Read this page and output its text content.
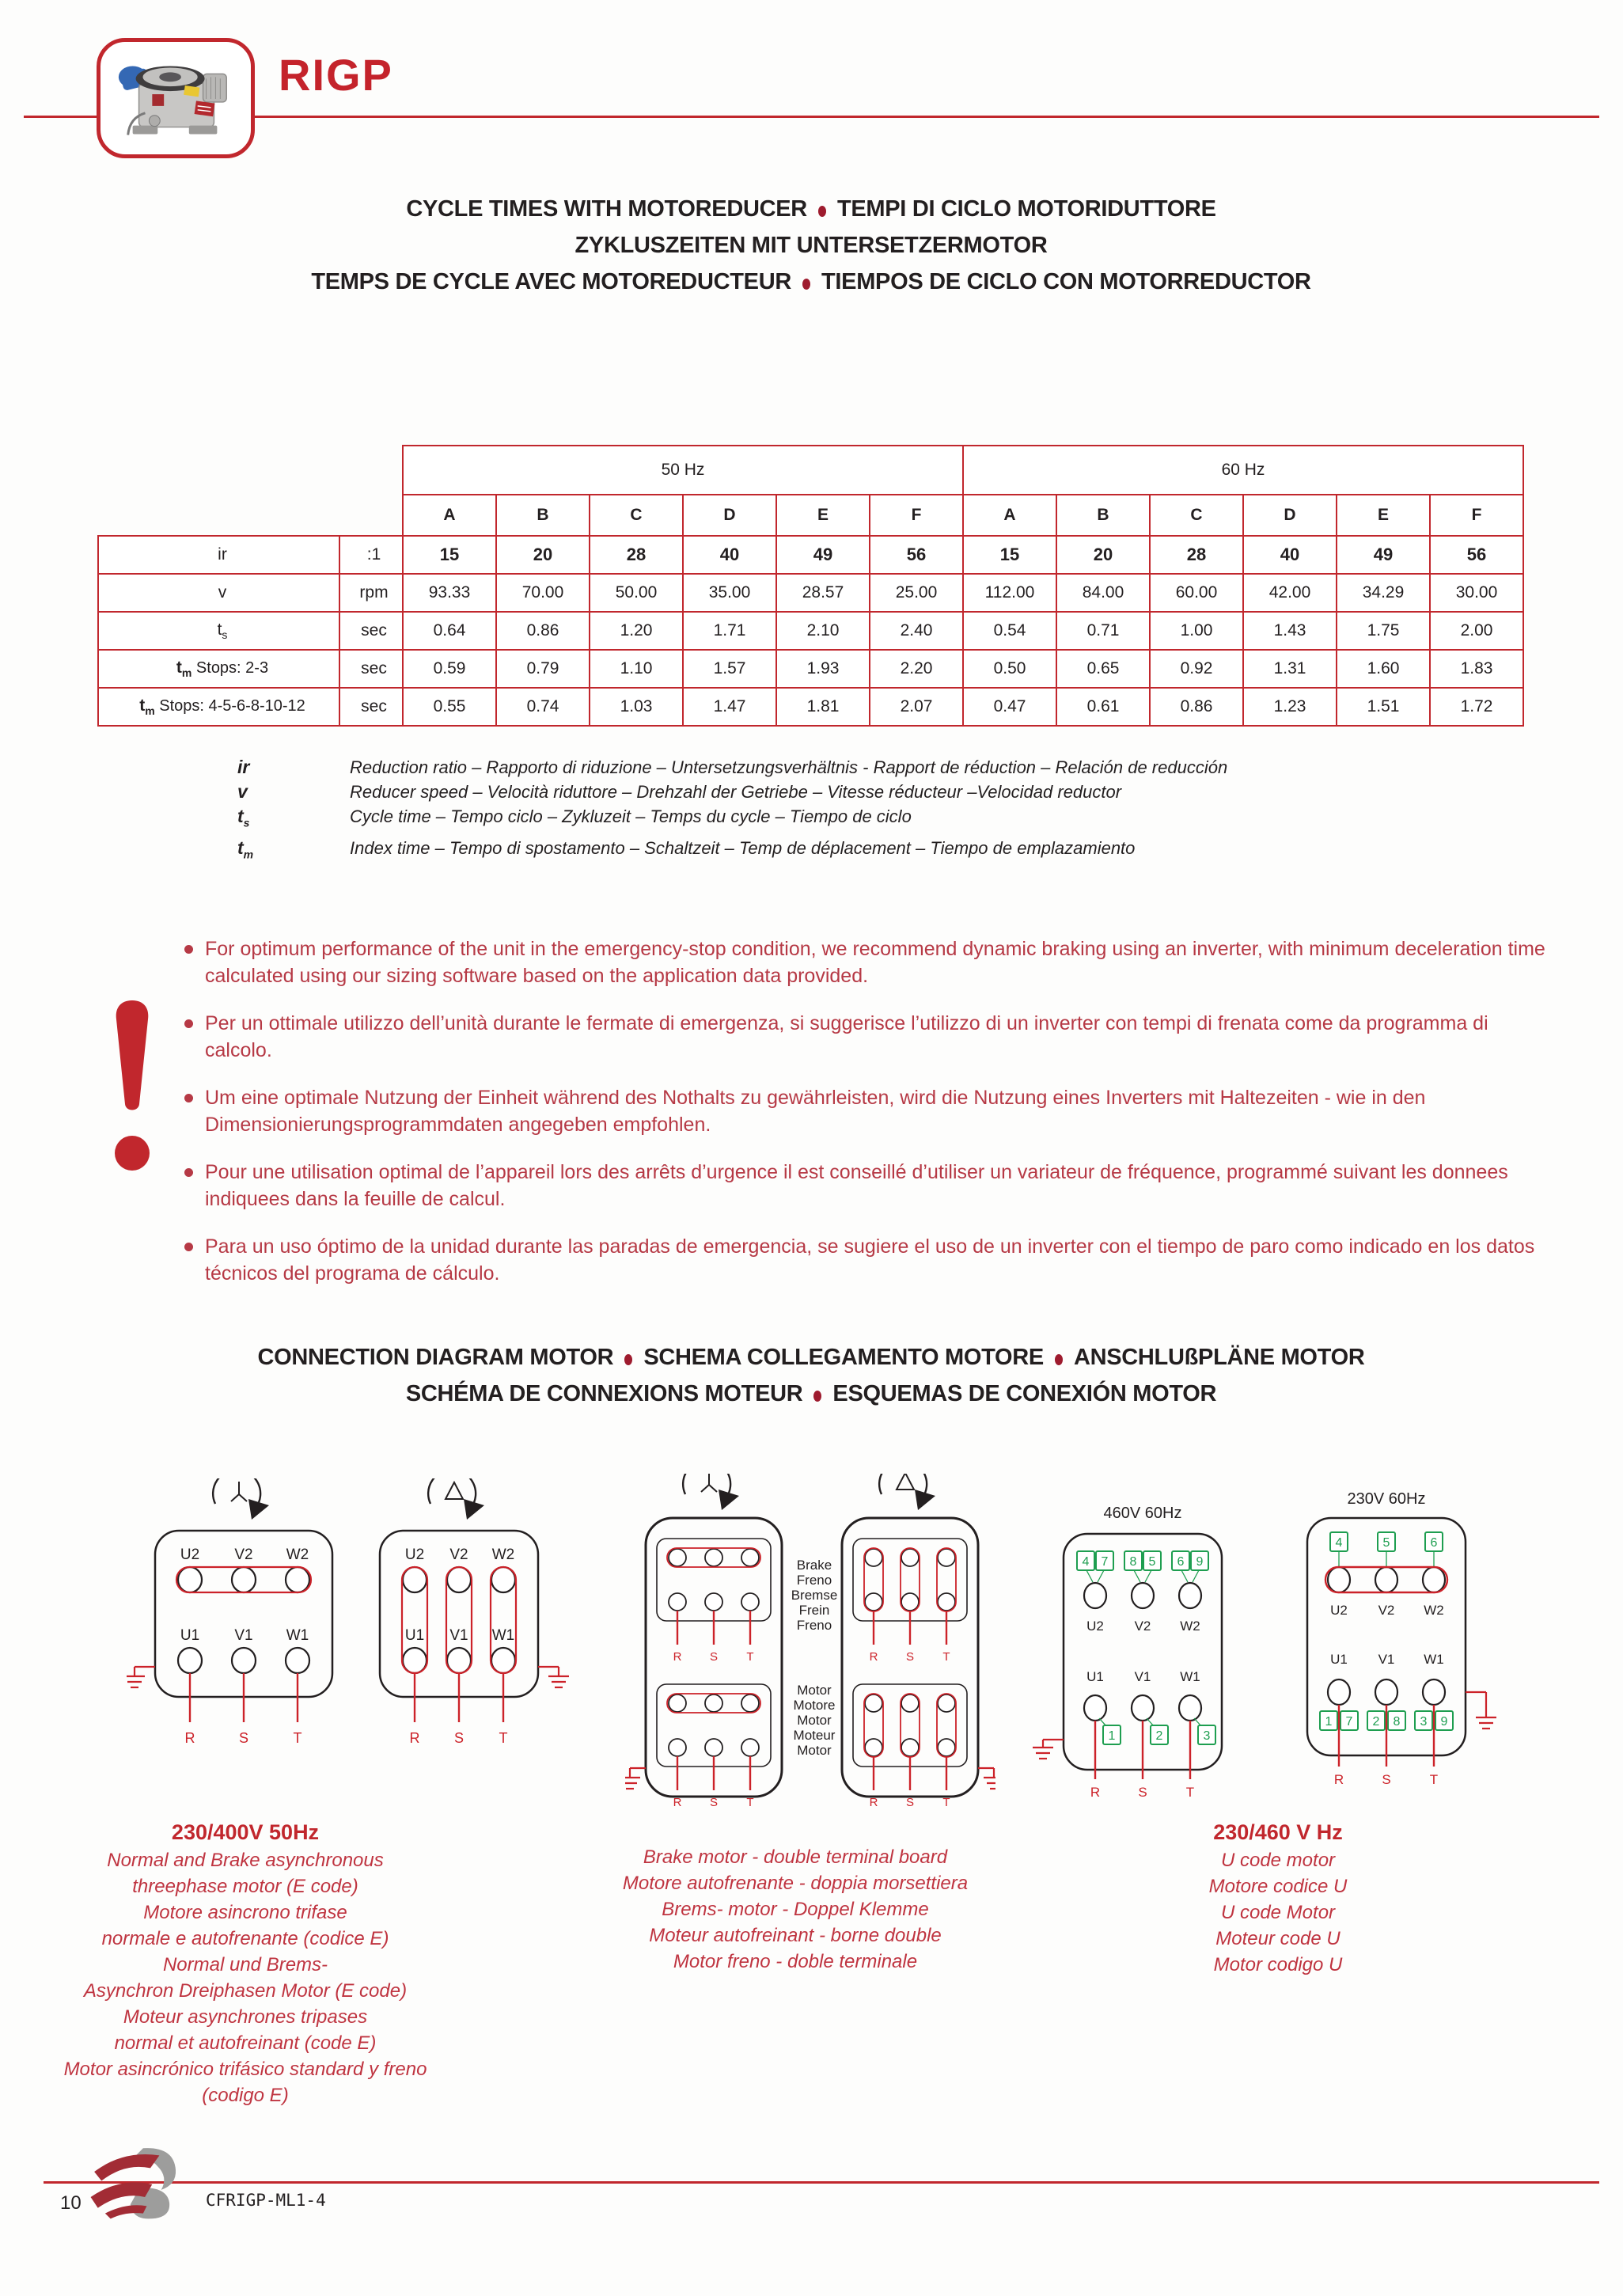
RIGP
CYCLE TIMES WITH MOTOREDUCER TEMPI DI CICLO MOTORIDUTTORE
ZYKLUSZEITEN MIT UNTERSETZERMOTOR
TEMPS DE CYCLE AVEC MOTOREDUCTEUR TIEMPOS DE CICLO CON MOTORREDUCTOR
		50 Hz						60 Hz					
		A	B	C	D	E	F	A	B	C	D	E	F
ir	:1	15	20	28	40	49	56	15	20	28	40	49	56
v	rpm	93.33	70.00	50.00	35.00	28.57	25.00	112.00	84.00	60.00	42.00	34.29	30.00
$t_s$	sec	0.64	0.86	1.20	1.71	2.10	2.40	0.54	0.71	1.00	1.43	1.75	2.00
$t_m$ Stops: 2-3	sec	0.59	0.79	1.10	1.57	1.93	2.20	0.50	0.65	0.92	1.31	1.60	1.83
$t_m$ Stops: 4-5-6-8-10-12	sec	0.55	0.74	1.03	1.47	1.81	2.07	0.47	0.61	0.86	1.23	1.51	1.72
ir	Reduction ratio – Rapporto di riduzione – Untersetzungsverhältnis - Rapport de réduction – Relación de reducción
v	Reducer speed – Velocità riduttore – Drehzahl der Getriebe – Vitesse réducteur –Velocidad reductor
$t_s$	Cycle time – Tempo ciclo – Zykluzeit – Temps du cycle – Tiempo de ciclo
$t_m$	Index time – Tempo di spostamento – Schaltzeit – Temp de déplacement – Tiempo de emplazamiento
For optimum performance of the unit in the emergency-stop condition, we recommend dynamic braking using an inverter, with minimum deceleration time calculated using our sizing software based on the application data provided.
Per un ottimale utilizzo dell’unità durante le fermate di emergenza, si suggerisce l’utilizzo di un inverter con tempi di frenata come da programma di calcolo.
Um eine optimale Nutzung der Einheit während des Nothalts zu gewährleisten, wird die Nutzung eines Inverters mit Haltezeiten - wie in den Dimensionierungsprogrammdaten angegeben empfohlen.
Pour une utilisation optimal de l’appareil lors des arrêts d’urgence il est conseillé d’utiliser un variateur de fréquence, programmé suivant les donnees indiquees dans la feuille de calcul.
Para un uso óptimo de la unidad durante las paradas de emergencia, se sugiere el uso de un inverter con el tiempo de paro como indicado en los datos técnicos del programa de cálculo.
CONNECTION DIAGRAM MOTOR SCHEMA COLLEGAMENTO MOTORE ANSCHLUßPLÄNE MOTOR
SCHÉMA DE CONNEXIONS MOTEUR ESQUEMAS DE CONEXIÓN MOTOR
U2 V2 W2
U1 V1 W1
R	S	T
U2 V2 W2
U1 V1 W1
R S T
R S T
R S T
R S T
R S T
460V 60Hz
4 7
U2
8 5
V2
6 9
W2
U1
1
V1
2
W1
3
R	S	T
230V 60Hz
4	5	6
U2 V2 W2
U1
1 7
V1
2 8
W1
3 9
R	S	T
Brake
Freno
Bremse
Frein
Freno
Motor
Motore
Motor
Moteur
Motor
230/400V 50Hz
Normal and Brake asynchronous
threephase motor (E code)
Motore asincrono trifase
normale e autofrenante (codice E)
Normal und Brems-
Asynchron Dreiphasen Motor (E code)
Moteur asynchrones tripases
normal et autofreinant (code E)
Motor asincrónico trifásico standard y freno
(codigo E)
Brake motor - double terminal board
Motore autofrenante - doppia morsettiera
Brems- motor - Doppel Klemme
Moteur autofreinant - borne double
Motor freno - doble terminale
230/460 V Hz
U code motor
Motore codice U
U code Motor
Moteur code U
Motor codigo U
10	CFRIGP-ML1-4
